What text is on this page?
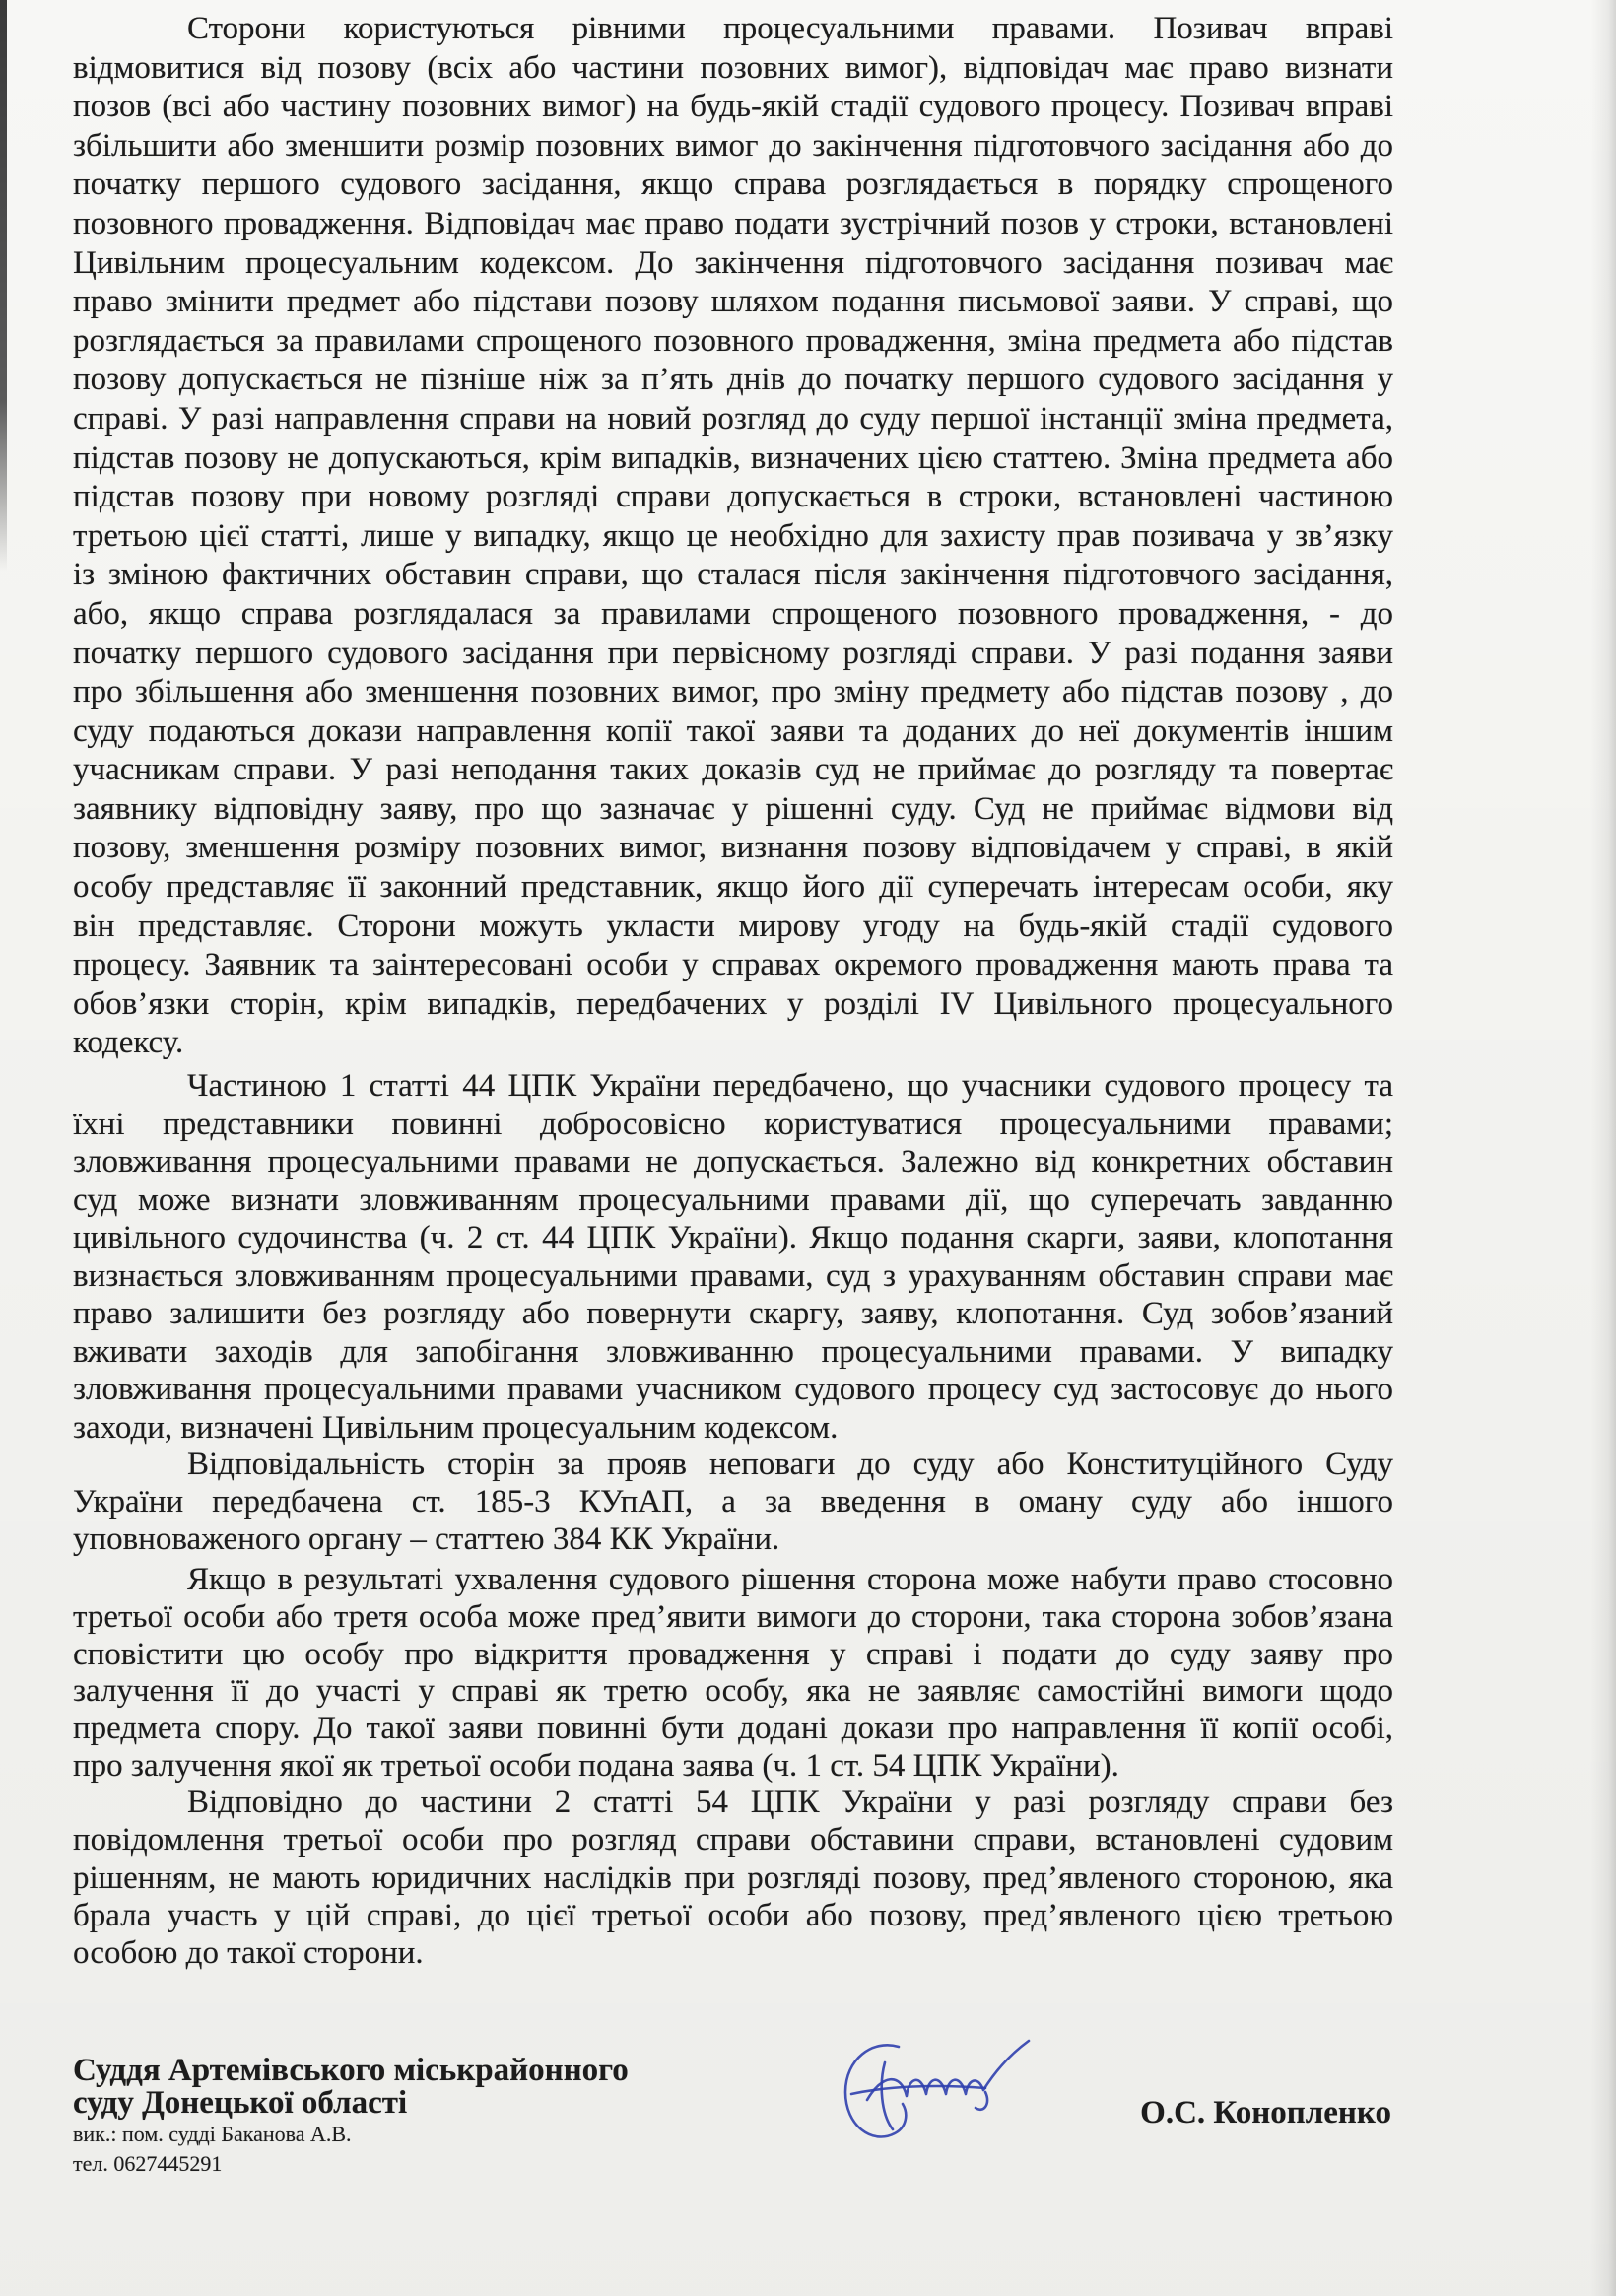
Сторони користуються рівними процесуальними правами. Позивач вправі
відмовитися від позову (всіх або частини позовних вимог), відповідач має право визнати
позов (всі або частину позовних вимог) на будь-якій стадії судового процесу. Позивач вправі
збільшити або зменшити розмір позовних вимог до закінчення підготовчого засідання або до
початку першого судового засідання, якщо справа розглядається в порядку спрощеного
позовного провадження. Відповідач має право подати зустрічний позов у строки, встановлені
Цивільним процесуальним кодексом. До закінчення підготовчого засідання позивач має
право змінити предмет або підстави позову шляхом подання письмової заяви. У справі, що
розглядається за правилами спрощеного позовного провадження, зміна предмета або підстав
позову допускається не пізніше ніж за п’ять днів до початку першого судового засідання у
справі. У разі направлення справи на новий розгляд до суду першої інстанції зміна предмета,
підстав позову не допускаються, крім випадків, визначених цією статтею. Зміна предмета або
підстав позову при новому розгляді справи допускається в строки, встановлені частиною
третьою цієї статті, лише у випадку, якщо це необхідно для захисту прав позивача у зв’язку
із зміною фактичних обставин справи, що сталася після закінчення підготовчого засідання,
або, якщо справа розглядалася за правилами спрощеного позовного провадження, - до
початку першого судового засідання при первісному розгляді справи. У разі подання заяви
про збільшення або зменшення позовних вимог, про зміну предмету або підстав позову , до
суду подаються докази направлення копії такої заяви та доданих до неї документів іншим
учасникам справи. У разі неподання таких доказів суд не приймає до розгляду та повертає
заявнику відповідну заяву, про що зазначає у рішенні суду. Суд не приймає відмови від
позову, зменшення розміру позовних вимог, визнання позову відповідачем у справі, в якій
особу представляє її законний представник, якщо його дії суперечать інтересам особи, яку
він представляє. Сторони можуть укласти мирову угоду на будь-якій стадії судового
процесу. Заявник та заінтересовані особи у справах окремого провадження мають права та
обов’язки сторін, крім випадків, передбачених у розділі IV Цивільного процесуального
кодексу.
Частиною 1 статті 44 ЦПК України передбачено, що учасники судового процесу та
їхні представники повинні добросовісно користуватися процесуальними правами;
зловживання процесуальними правами не допускається. Залежно від конкретних обставин
суд може визнати зловживанням процесуальними правами дії, що суперечать завданню
цивільного судочинства (ч. 2 ст. 44 ЦПК України). Якщо подання скарги, заяви, клопотання
визнається зловживанням процесуальними правами, суд з урахуванням обставин справи має
право залишити без розгляду або повернути скаргу, заяву, клопотання. Суд зобов’язаний
вживати заходів для запобігання зловживанню процесуальними правами. У випадку
зловживання процесуальними правами учасником судового процесу суд застосовує до нього
заходи, визначені Цивільним процесуальним кодексом.
Відповідальність сторін за прояв неповаги до суду або Конституційного Суду
України передбачена ст. 185-3 КУпАП, а за введення в оману суду або іншого
уповноваженого органу – статтею 384 КК України.
Якщо в результаті ухвалення судового рішення сторона може набути право стосовно
третьої особи або третя особа може пред’явити вимоги до сторони, така сторона зобов’язана
сповістити цю особу про відкриття провадження у справі і подати до суду заяву про
залучення її до участі у справі як третю особу, яка не заявляє самостійні вимоги щодо
предмета спору. До такої заяви повинні бути додані докази про направлення її копії особі,
про залучення якої як третьої особи подана заява (ч. 1 ст. 54 ЦПК України).
Відповідно до частини 2 статті 54 ЦПК України у разі розгляду справи без
повідомлення третьої особи про розгляд справи обставини справи, встановлені судовим
рішенням, не мають юридичних наслідків при розгляді позову, пред’явленого стороною, яка
брала участь у цій справі, до цієї третьої особи або позову, пред’явленого цією третьою
особою до такої сторони.
Суддя Артемівського міськрайонного
суду Донецької області
вик.: пом. судді Баканова А.В.
тел. 0627445291
О.С. Конопленко
